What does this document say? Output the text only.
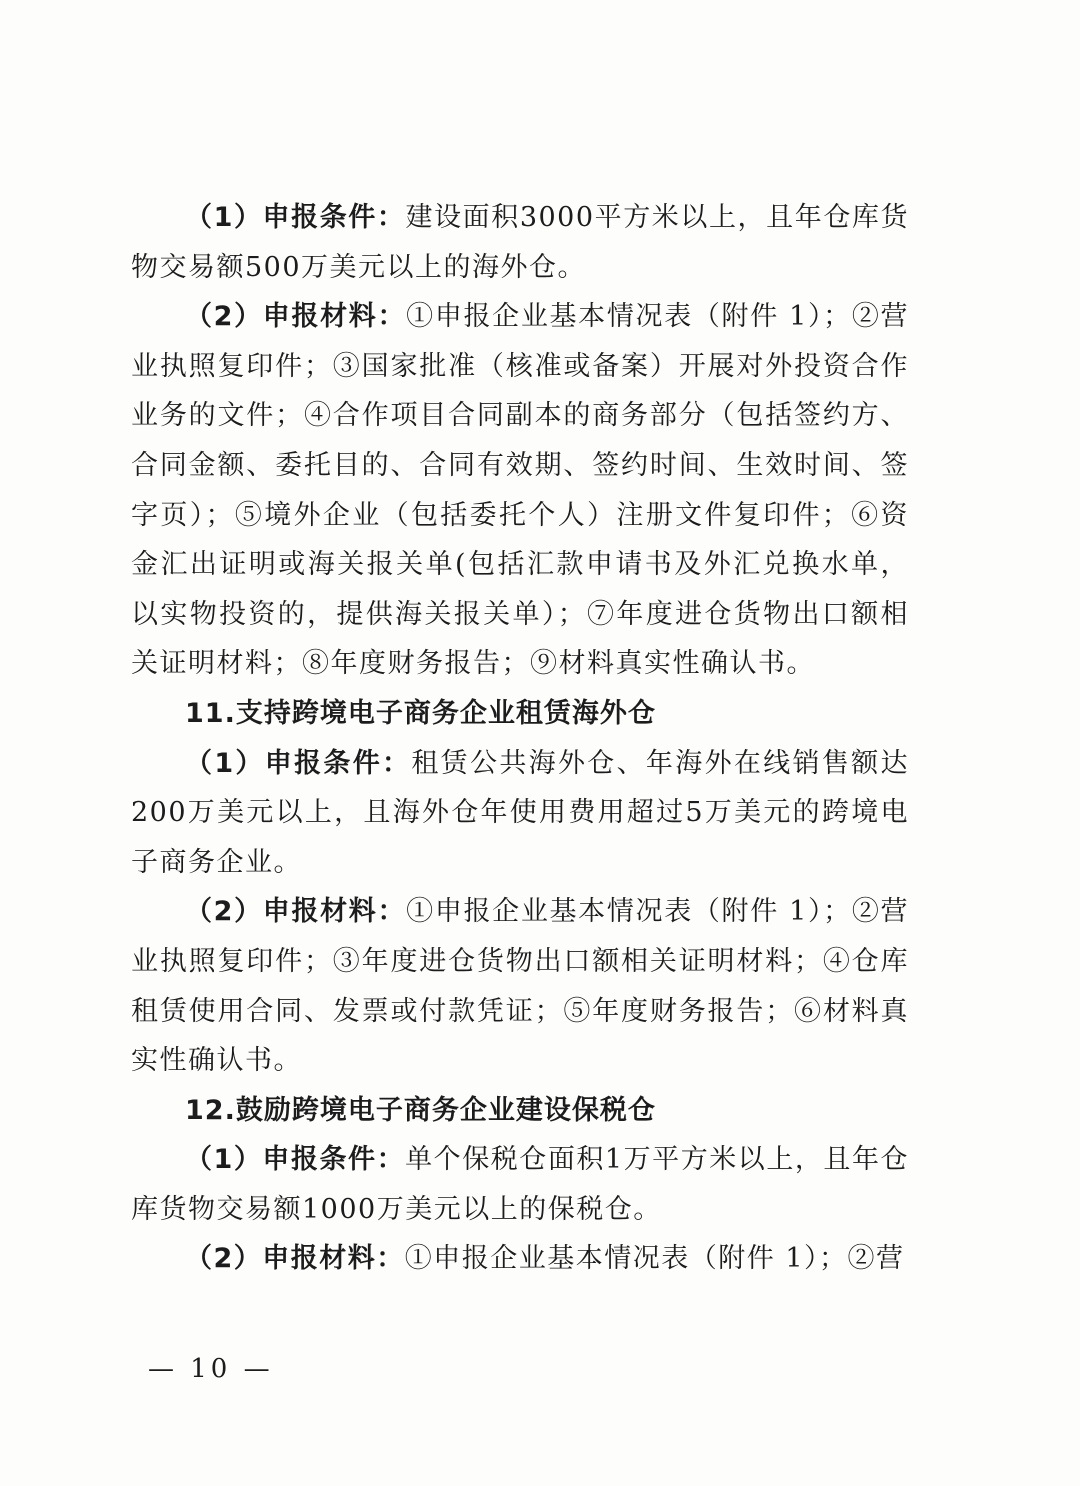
（1）申报条件：建设面积3000平方米以上，且年仓库货物交易额500万美元以上的海外仓。

（2）申报材料：①申报企业基本情况表（附件 1）；②营业执照复印件；③国家批准（核准或备案）开展对外投资合作业务的文件；④合作项目合同副本的商务部分（包括签约方、合同金额、委托目的、合同有效期、签约时间、生效时间、签字页）；⑤境外企业（包括委托个人）注册文件复印件；⑥资金汇出证明或海关报关单(包括汇款申请书及外汇兑换水单，以实物投资的，提供海关报关单）；⑦年度进仓货物出口额相关证明材料；⑧年度财务报告；⑨材料真实性确认书。

11.支持跨境电子商务企业租赁海外仓

（1）申报条件：租赁公共海外仓、年海外在线销售额达200万美元以上，且海外仓年使用费用超过5万美元的跨境电子商务企业。

（2）申报材料：①申报企业基本情况表（附件 1）；②营业执照复印件；③年度进仓货物出口额相关证明材料；④仓库租赁使用合同、发票或付款凭证；⑤年度财务报告；⑥材料真实性确认书。

12.鼓励跨境电子商务企业建设保税仓

（1）申报条件：单个保税仓面积1万平方米以上，且年仓库货物交易额1000万美元以上的保税仓。

（2）申报材料：①申报企业基本情况表（附件 1）；②营

— 10 —
